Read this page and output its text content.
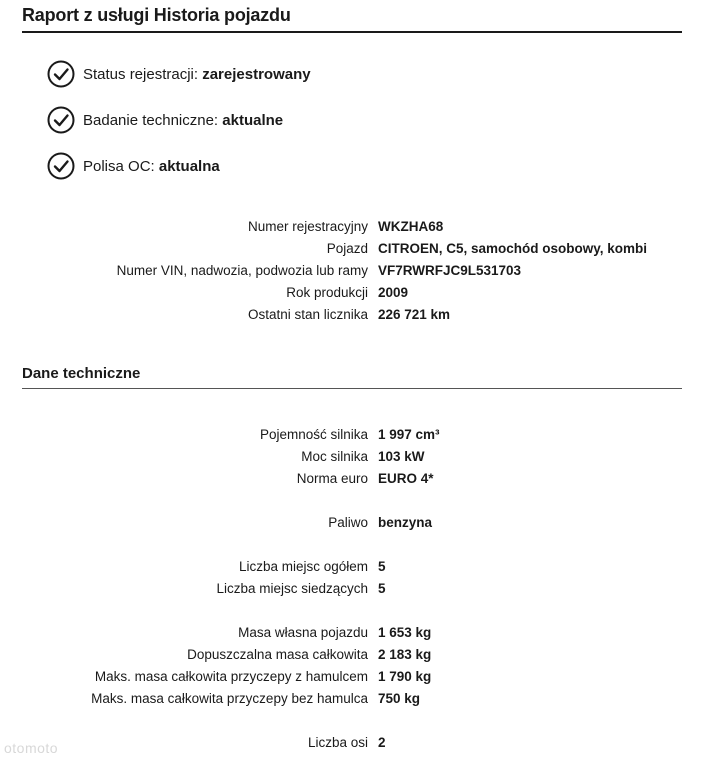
Raport z usługi Historia pojazdu
Status rejestracji:
zarejestrowany
Badanie techniczne:
aktualne
Polisa OC:
aktualna
Numer rejestracyjny WKZHA68
Pojazd CITROEN, C5, samochód osobowy, kombi
Numer VIN, nadwozia, podwozia lub ramy VF7RWRFJC9L531703
Rok produkcji 2009
Ostatni stan licznika 226 721 km
Dane techniczne
Pojemność silnika 1 997 cm³
Moc silnika 103 kW
Norma euro EURO 4*
Paliwo benzyna
Liczba miejsc ogółem 5
Liczba miejsc siedzących 5
Masa własna pojazdu 1 653 kg
Dopuszczalna masa całkowita 2 183 kg
Maks. masa całkowita przyczepy z hamulcem 1 790 kg
Maks. masa całkowita przyczepy bez hamulca 750 kg
Liczba osi 2
otomoto
